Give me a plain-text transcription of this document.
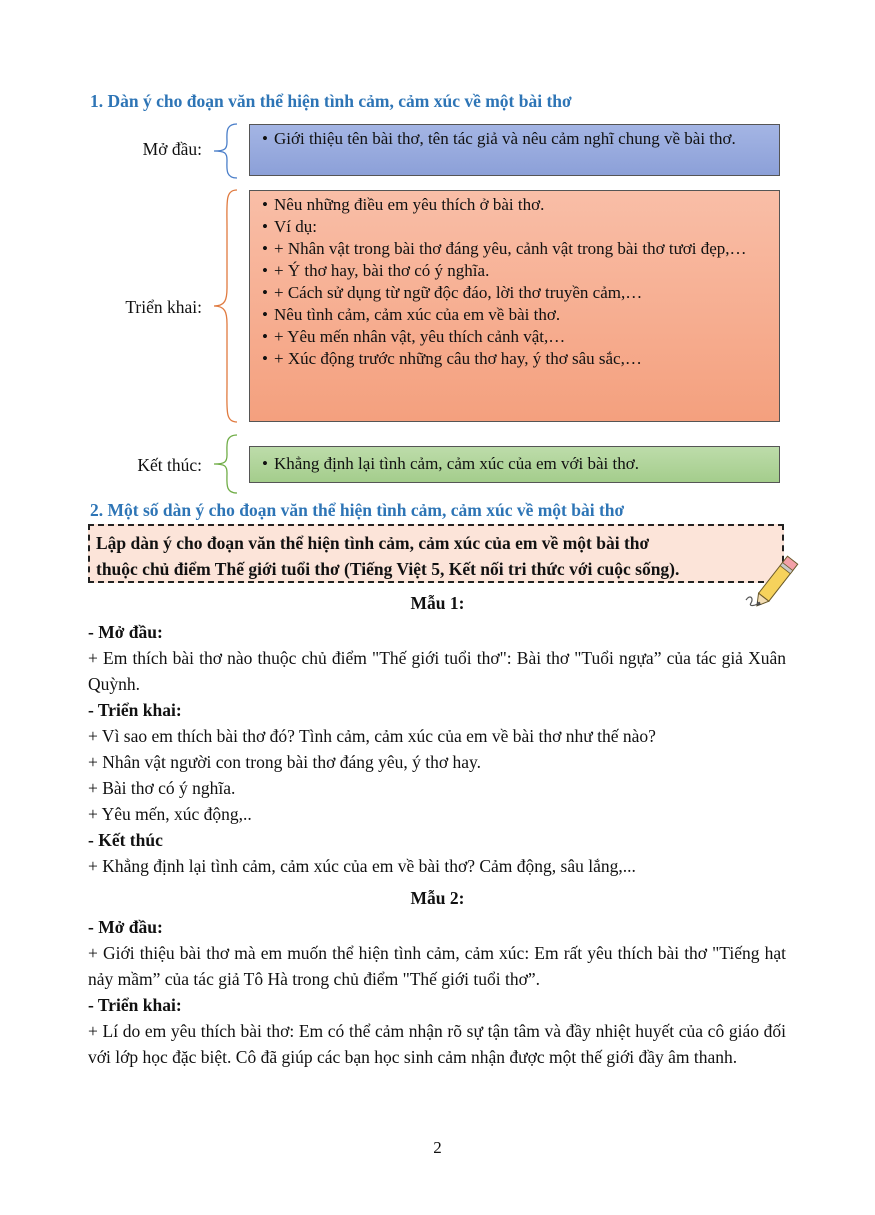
1. Dàn ý cho đoạn văn thể hiện tình cảm, cảm xúc về một bài thơ
Mở đầu:
• Giới thiệu tên bài thơ, tên tác giả và nêu cảm nghĩ chung về bài thơ.
Triển khai:
• Nêu những điều em yêu thích ở bài thơ.
• Ví dụ:
• + Nhân vật trong bài thơ đáng yêu, cảnh vật trong bài thơ tươi đẹp,…
• + Ý thơ hay, bài thơ có ý nghĩa.
• + Cách sử dụng từ ngữ độc đáo, lời thơ truyền cảm,…
• Nêu tình cảm, cảm xúc của em về bài thơ.
• + Yêu mến nhân vật, yêu thích cảnh vật,…
• + Xúc động trước những câu thơ hay, ý thơ sâu sắc,…
Kết thúc:
•	Khẳng định lại tình cảm, cảm xúc của em với bài thơ.
2. Một số dàn ý cho đoạn văn thể hiện tình cảm, cảm xúc về một bài thơ
Lập dàn ý cho đoạn văn thể hiện tình cảm, cảm xúc của em về một bài thơ
thuộc chủ điểm Thế giới tuổi thơ (Tiếng Việt 5, Kết nối tri thức với cuộc sống).
Mẫu 1:

- Mở đầu:

+ Em thích bài thơ nào thuộc chủ điểm "Thế giới tuổi thơ": Bài thơ "Tuổi ngựa” của tác giả Xuân Quỳnh.

- Triển khai:

+ Vì sao em thích bài thơ đó? Tình cảm, cảm xúc của em về bài thơ như thế nào?

+ Nhân vật người con trong bài thơ đáng yêu, ý thơ hay.

+ Bài thơ có ý nghĩa.

+ Yêu mến, xúc động,..

- Kết thúc

+ Khẳng định lại tình cảm, cảm xúc của em về bài thơ? Cảm động, sâu lắng,...

Mẫu 2:

- Mở đầu:

+ Giới thiệu bài thơ mà em muốn thể hiện tình cảm, cảm xúc: Em rất yêu thích bài thơ "Tiếng hạt nảy mầm” của tác giả Tô Hà trong chủ điểm "Thế giới tuổi thơ”.

- Triển khai:

+ Lí do em yêu thích bài thơ: Em có thể cảm nhận rõ sự tận tâm và đầy nhiệt huyết của cô giáo đối với lớp học đặc biệt. Cô đã giúp các bạn học sinh cảm nhận được một thế giới đầy âm thanh.

2
